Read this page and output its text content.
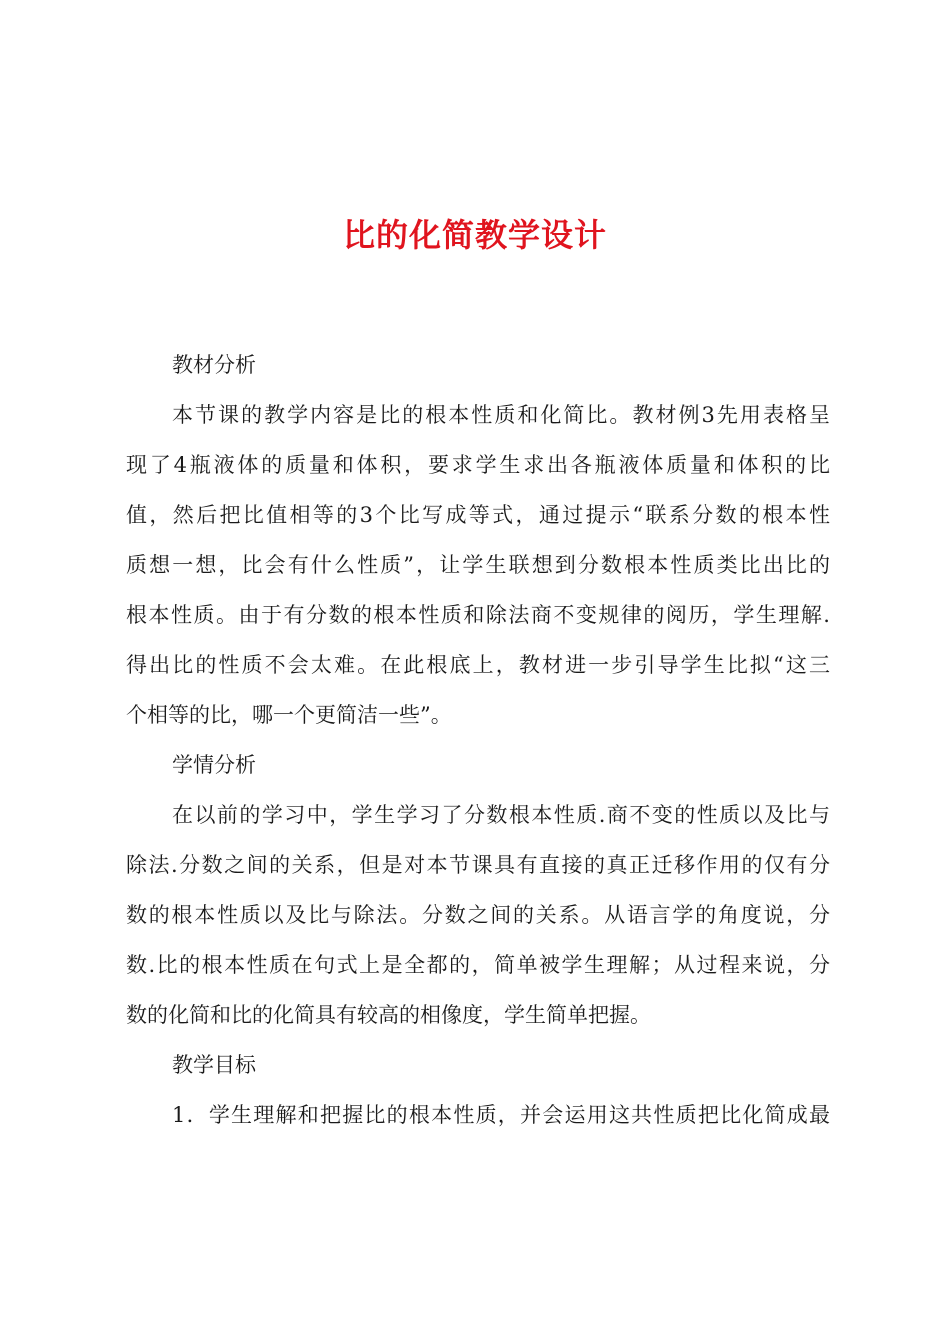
比的化简教学设计
教材分析
本节课的教学内容是比的根本性质和化简比。教材例3先用表格呈
现了4瓶液体的质量和体积，要求学生求出各瓶液体质量和体积的比
值，然后把比值相等的3个比写成等式，通过提示“联系分数的根本性
质想一想，比会有什么性质”，让学生联想到分数根本性质类比出比的
根本性质。由于有分数的根本性质和除法商不变规律的阅历，学生理解.
得出比的性质不会太难。在此根底上，教材进一步引导学生比拟“这三
个相等的比，哪一个更简洁一些”。
学情分析
在以前的学习中，学生学习了分数根本性质.商不变的性质以及比与
除法.分数之间的关系，但是对本节课具有直接的真正迁移作用的仅有分
数的根本性质以及比与除法。分数之间的关系。从语言学的角度说，分
数.比的根本性质在句式上是全都的，简单被学生理解；从过程来说，分
数的化简和比的化简具有较高的相像度，学生简单把握。
教学目标
1．学生理解和把握比的根本性质，并会运用这共性质把比化简成最
